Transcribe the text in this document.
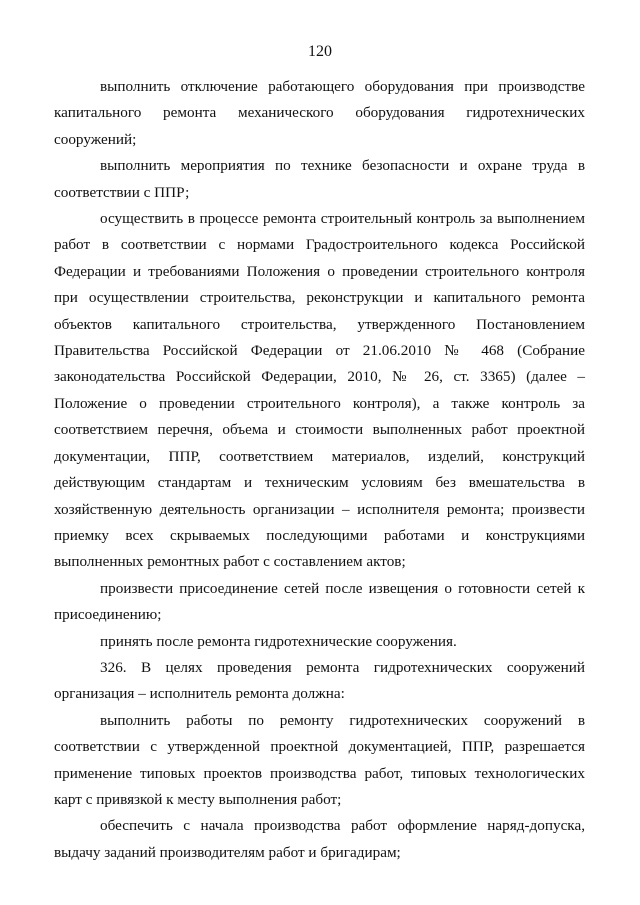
120

выполнить отключение работающего оборудования при производстве капитального ремонта механического оборудования гидротехнических сооружений;

выполнить мероприятия по технике безопасности и охране труда в соответствии с ППР;

осуществить в процессе ремонта строительный контроль за выполнением работ в соответствии с нормами Градостроительного кодекса Российской Федерации и требованиями Положения о проведении строительного контроля при осуществлении строительства, реконструкции и капитального ремонта объектов капитального строительства, утвержденного Постановлением Правительства Российской Федерации от 21.06.2010 № 468 (Собрание законодательства Российской Федерации, 2010, № 26, ст. 3365) (далее – Положение о проведении строительного контроля), а также контроль за соответствием перечня, объема и стоимости выполненных работ проектной документации, ППР, соответствием материалов, изделий, конструкций действующим стандартам и техническим условиям без вмешательства в хозяйственную деятельность организации – исполнителя ремонта; произвести приемку всех скрываемых последующими работами и конструкциями выполненных ремонтных работ с составлением актов;

произвести присоединение сетей после извещения о готовности сетей к присоединению;

принять после ремонта гидротехнические сооружения.

326. В целях проведения ремонта гидротехнических сооружений организация – исполнитель ремонта должна:

выполнить работы по ремонту гидротехнических сооружений в соответствии с утвержденной проектной документацией, ППР, разрешается применение типовых проектов производства работ, типовых технологических карт с привязкой к месту выполнения работ;

обеспечить с начала производства работ оформление наряд-допуска, выдачу заданий производителям работ и бригадирам;
